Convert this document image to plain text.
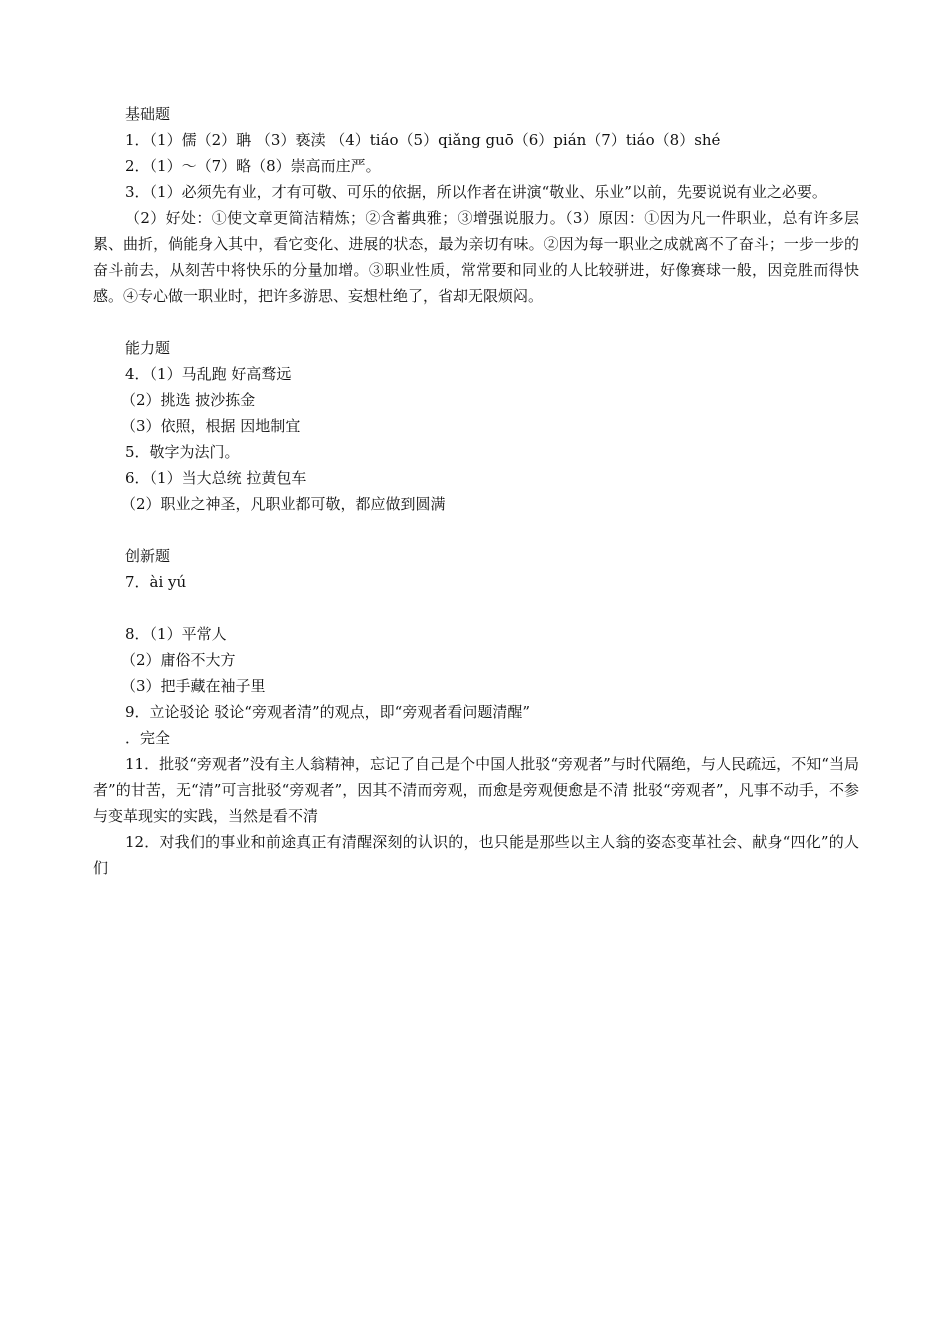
基础题
1．（1）儒（2）聃 （3）亵渎 （4）tiáo（5）qiǎng guō（6）pián（7）tiáo（8）shé
2．（1）～（7）略（8）崇高而庄严。
3．（1）必须先有业，才有可敬、可乐的依据，所以作者在讲演“敬业、乐业”以前，先要说说有业之必要。
（2）好处：①使文章更简洁精炼；②含蓄典雅；③增强说服力。（3）原因：①因为凡一件职业，总有许多层累、曲折，倘能身入其中，看它变化、进展的状态，最为亲切有味。②因为每一职业之成就离不了奋斗；一步一步的奋斗前去，从刻苦中将快乐的分量加增。③职业性质，常常要和同业的人比较骈进，好像赛球一般，因竞胜而得快感。④专心做一职业时，把许多游思、妄想杜绝了，省却无限烦闷。
能力题
4．（1）马乱跑 好高骛远
（2）挑选 披沙拣金
（3）依照，根据 因地制宜
5．敬字为法门。
6．（1）当大总统 拉黄包车
（2）职业之神圣，凡职业都可敬，都应做到圆满
创新题
7．ài yú
8．（1）平常人
（2）庸俗不大方
（3）把手藏在袖子里
9．立论驳论 驳论“旁观者清”的观点，即“旁观者看问题清醒”
．完全
11．批驳“旁观者”没有主人翁精神，忘记了自己是个中国人批驳“旁观者”与时代隔绝，与人民疏远，不知“当局者”的甘苦，无“清”可言批驳“旁观者”，因其不清而旁观，而愈是旁观便愈是不清 批驳“旁观者”，凡事不动手，不参与变革现实的实践，当然是看不清
12．对我们的事业和前途真正有清醒深刻的认识的，也只能是那些以主人翁的姿态变革社会、献身“四化”的人们
